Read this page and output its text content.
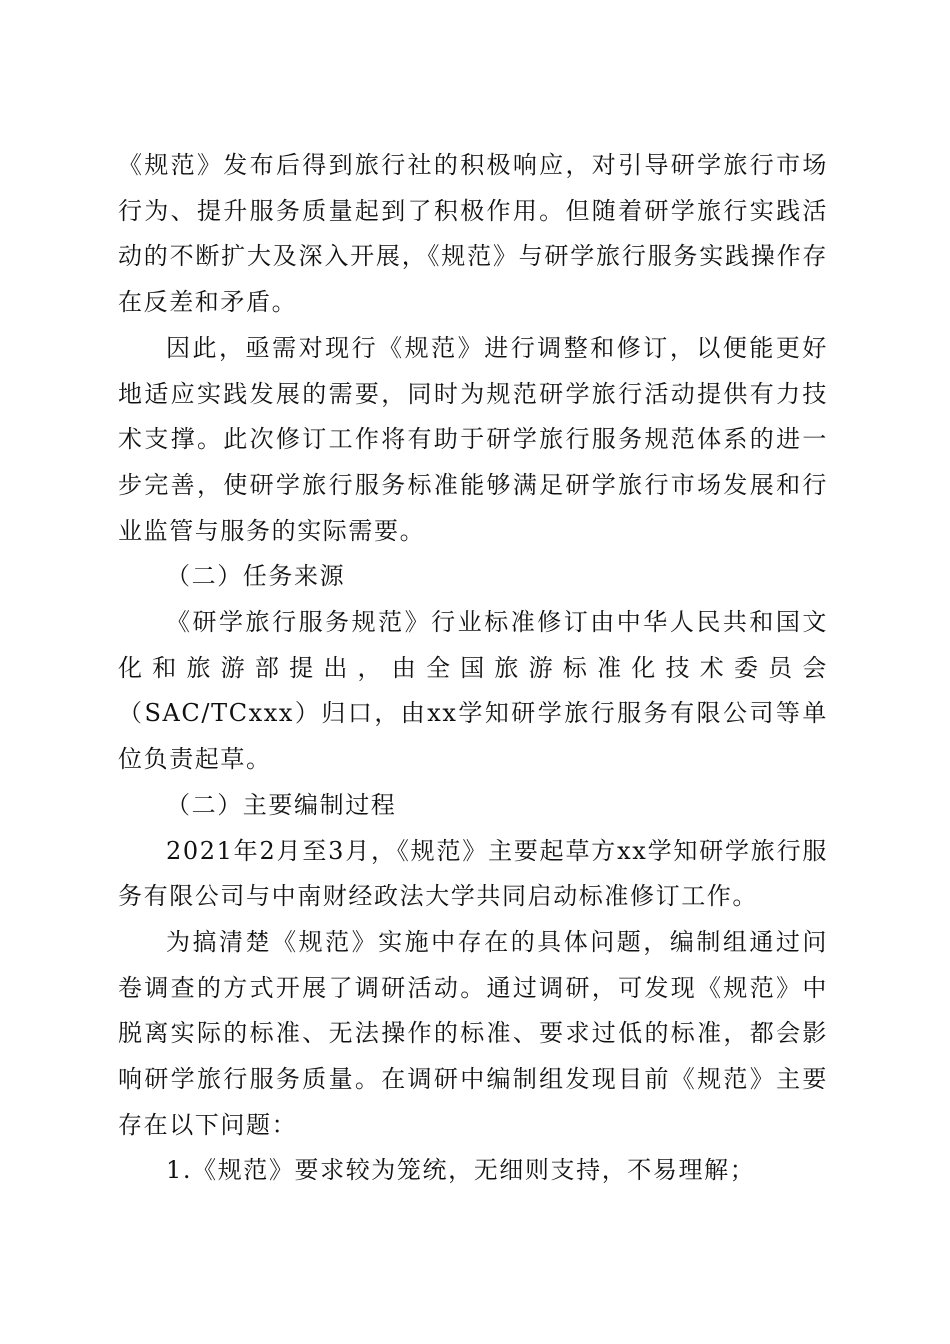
《规范》发布后得到旅行社的积极响应，对引导研学旅行市场行为、提升服务质量起到了积极作用。但随着研学旅行实践活动的不断扩大及深入开展，《规范》与研学旅行服务实践操作存在反差和矛盾。

因此，亟需对现行《规范》进行调整和修订，以便能更好地适应实践发展的需要，同时为规范研学旅行活动提供有力技术支撑。此次修订工作将有助于研学旅行服务规范体系的进一步完善，使研学旅行服务标准能够满足研学旅行市场发展和行业监管与服务的实际需要。

（二）任务来源

《研学旅行服务规范》行业标准修订由中华人民共和国文化和旅游部提出，由全国旅游标准化技术委员会（SAC/TCxxx）归口，由xx学知研学旅行服务有限公司等单位负责起草。

（二）主要编制过程

2021年2月至3月，《规范》主要起草方xx学知研学旅行服务有限公司与中南财经政法大学共同启动标准修订工作。

为搞清楚《规范》实施中存在的具体问题，编制组通过问卷调查的方式开展了调研活动。通过调研，可发现《规范》中脱离实际的标准、无法操作的标准、要求过低的标准，都会影响研学旅行服务质量。在调研中编制组发现目前《规范》主要存在以下问题：

1.《规范》要求较为笼统，无细则支持，不易理解；
